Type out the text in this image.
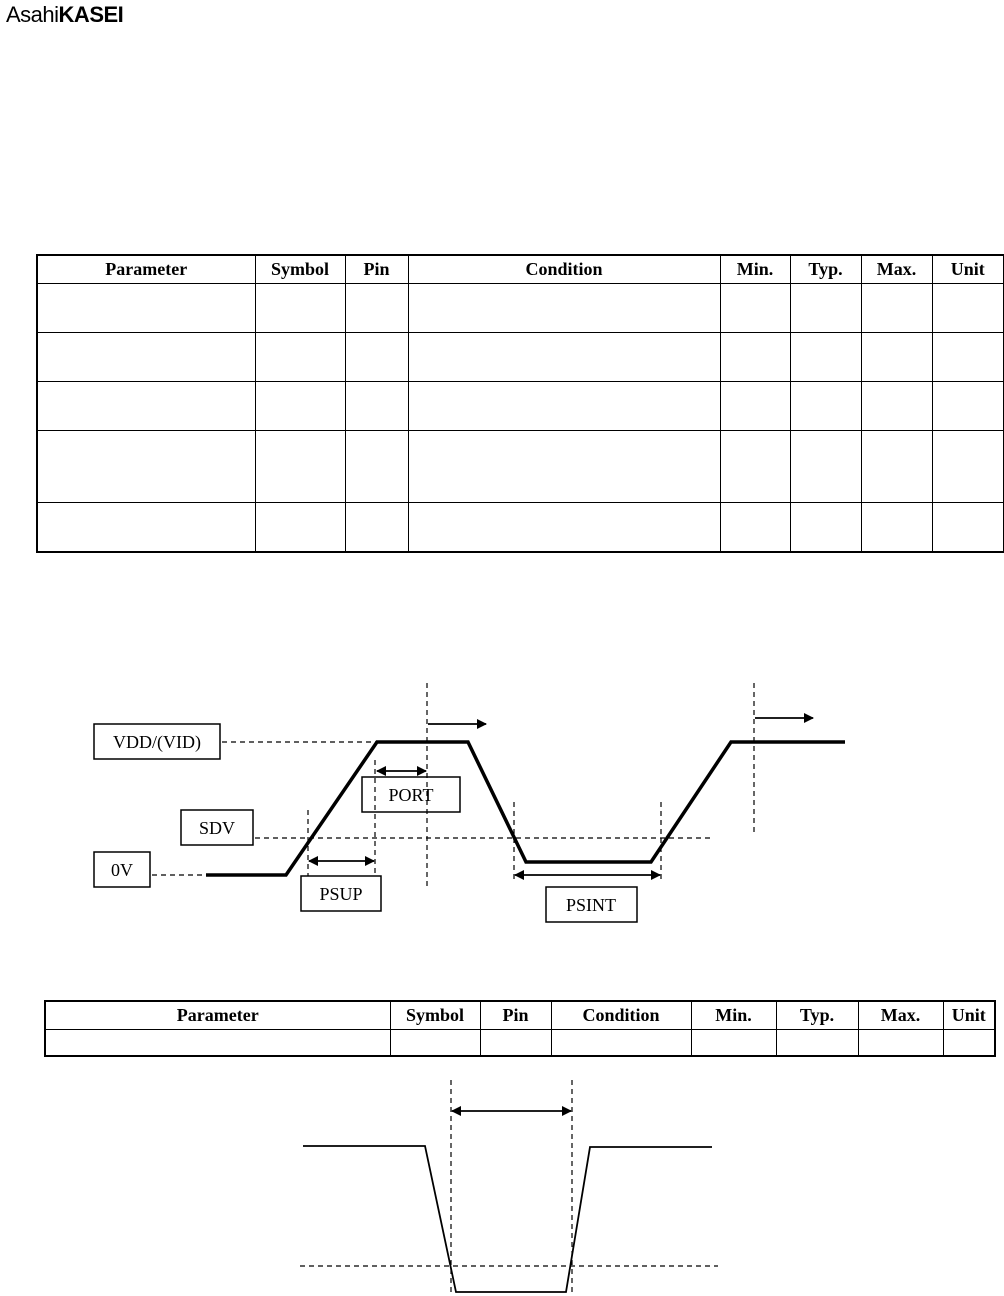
AsahiKASEI
Parameter	Symbol	Pin	Condition	Min.	Typ.	Max.	Unit

Parameter	Symbol	Pin	Condition	Min.	Typ.	Max.	Unit

VDD/(VID)
SDV
0V
PORT
PSUP
PSINT
